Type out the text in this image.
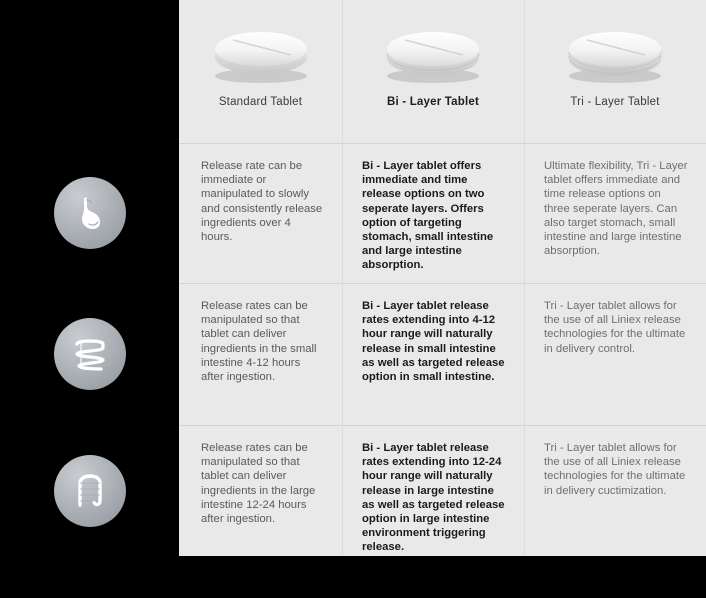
Standard Tablet	Bi - Layer Tablet	Tri - Layer Tablet
Release rate can be immediate or manipulated to slowly and consistently release ingredients over 4 hours.
Bi - Layer tablet offers immediate and time release options on two seperate layers. Offers option of targeting stomach, small intestine and large intestine absorption.
Ultimate flexibility, Tri - Layer tablet offers immediate and time release options on three seperate layers. Can also target stomach, small intestine and large intestine absorption.
Release rates can be manipulated so that tablet can deliver ingredients in the small intestine 4-12 hours after ingestion.
Bi - Layer tablet release rates extending into 4-12 hour range will naturally release in small intestine as well as targeted release option in small intestine.
Tri - Layer tablet allows for the use of all Liniex release technologies for the ultimate in delivery control.
Release rates can be manipulated so that tablet can deliver ingredients in the large intestine 12-24 hours after ingestion.
Bi - Layer tablet release rates extending into 12-24 hour range will naturally release in large intestine as well as targeted release option in large intestine environment triggering release.
Tri - Layer tablet allows for the use of all Liniex release technologies for the ultimate in delivery cuctimization.
